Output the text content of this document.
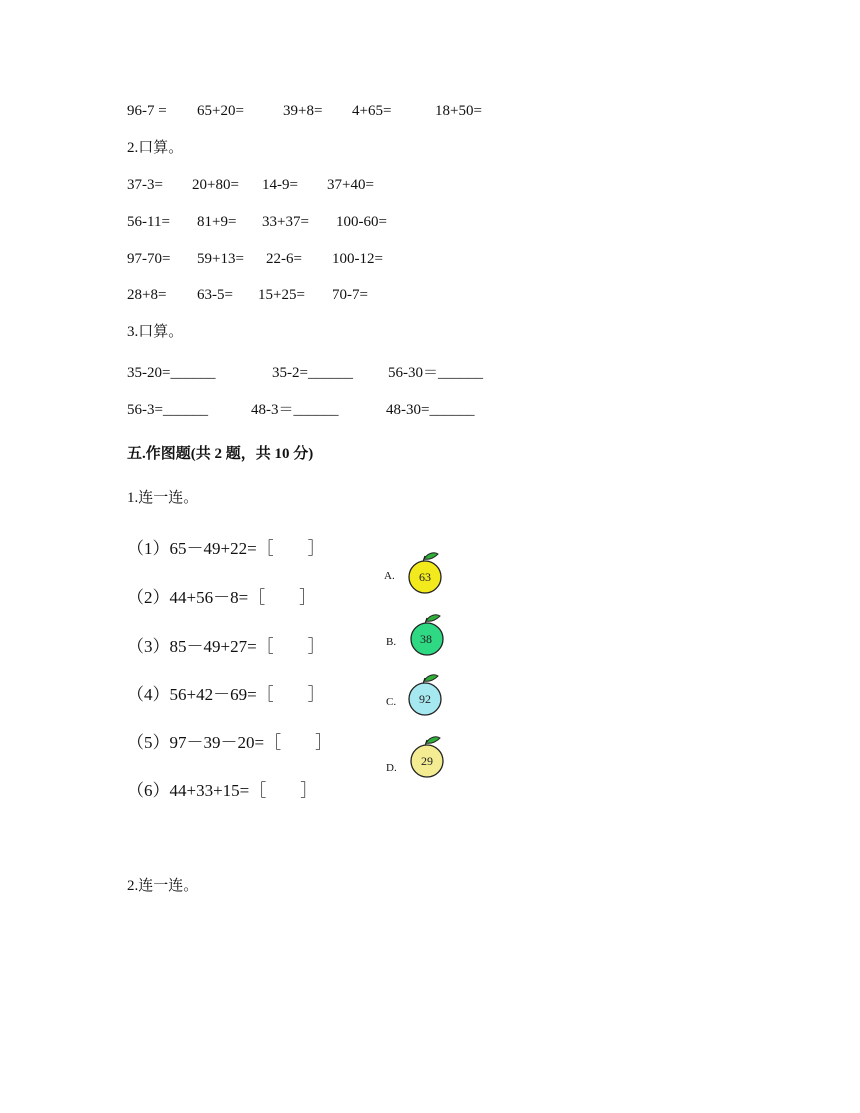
96-7 = 65+20=	39+8= 4+65=	18+50=
2.口算。
37-3= 20+80= 14-9= 37+40=
56-11= 81+9= 33+37= 100-60=
97-70= 59+13= 22-6= 100-12=
28+8= 63-5= 15+25= 70-7=
3.口算。
35-20=______	35-2=______ 56-30＝______
56-3=______	48-3＝______	48-30=______
五.作图题(共 2 题，共 10 分)
1.连一连。
（1）65－49+22=［　　］
（2）44+56－8=［　　］
（3）85－49+27=［　　］
（4）56+42－69=［　　］
（5）97－39－20=［　　］
（6）44+33+15=［　　］
A. 63
B. 38
C. 92
D. 29
2.连一连。
